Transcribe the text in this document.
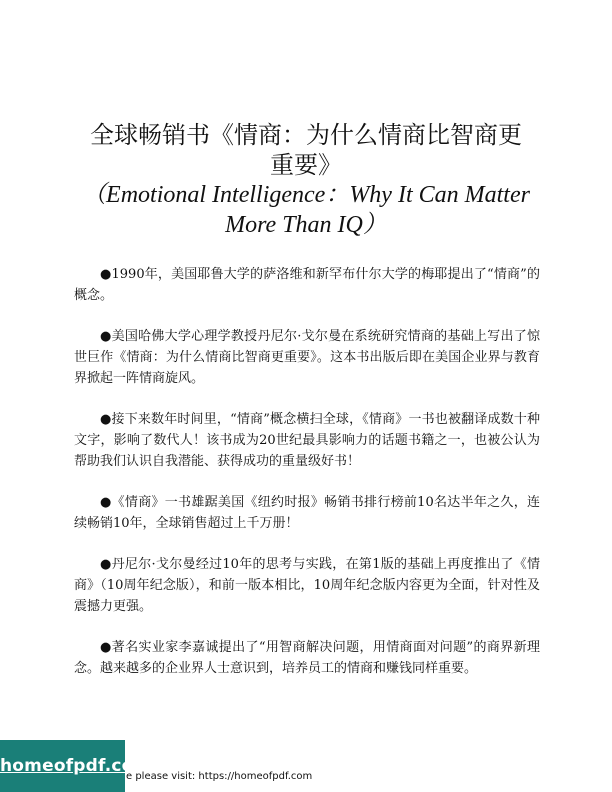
全球畅销书《情商：为什么情商比智商更

重要》

（Emotional Intelligence：Why It Can Matter

More Than IQ）

●1990年，美国耶鲁大学的萨洛维和新罕布什尔大学的梅耶提出了“情商”的概念。

●美国哈佛大学心理学教授丹尼尔·戈尔曼在系统研究情商的基础上写出了惊世巨作《情商：为什么情商比智商更重要》。这本书出版后即在美国企业界与教育界掀起一阵情商旋风。

●接下来数年时间里，“情商”概念横扫全球，《情商》一书也被翻译成数十种文字，影响了数代人！该书成为20世纪最具影响力的话题书籍之一，也被公认为帮助我们认识自我潜能、获得成功的重量级好书！

●《情商》一书雄踞美国《纽约时报》畅销书排行榜前10名达半年之久，连续畅销10年，全球销售超过上千万册！

●丹尼尔·戈尔曼经过10年的思考与实践，在第1版的基础上再度推出了《情商》（10周年纪念版），和前一版本相比，10周年纪念版内容更为全面，针对性及震撼力更强。

●著名实业家李嘉诚提出了“用智商解决问题，用情商面对问题”的商界新理念。越来越多的企业界人士意识到，培养员工的情商和赚钱同样重要。

homeofpdf.com
e please visit: https://homeofpdf.com
